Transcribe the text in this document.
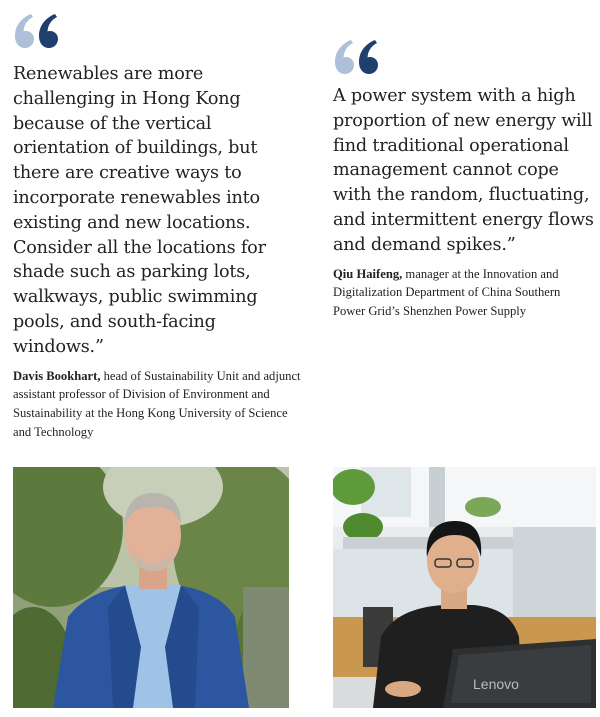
Renewables are more challenging in Hong Kong because of the vertical orientation of buildings, but there are creative ways to incorporate renewables into existing and new locations. Consider all the locations for shade such as parking lots, walkways, public swimming pools, and south-facing windows.”

Davis Bookhart, head of Sustainability Unit and adjunct assistant professor of Division of Environment and Sustainability at the Hong Kong University of Science and Technology

A power system with a high proportion of new energy will find traditional operational management cannot cope with the random, fluctuating, and intermittent energy flows and demand spikes.”

Qiu Haifeng, manager at the Innovation and Digitalization Department of China Southern Power Grid’s Shenzhen Power Supply
Lenovo
